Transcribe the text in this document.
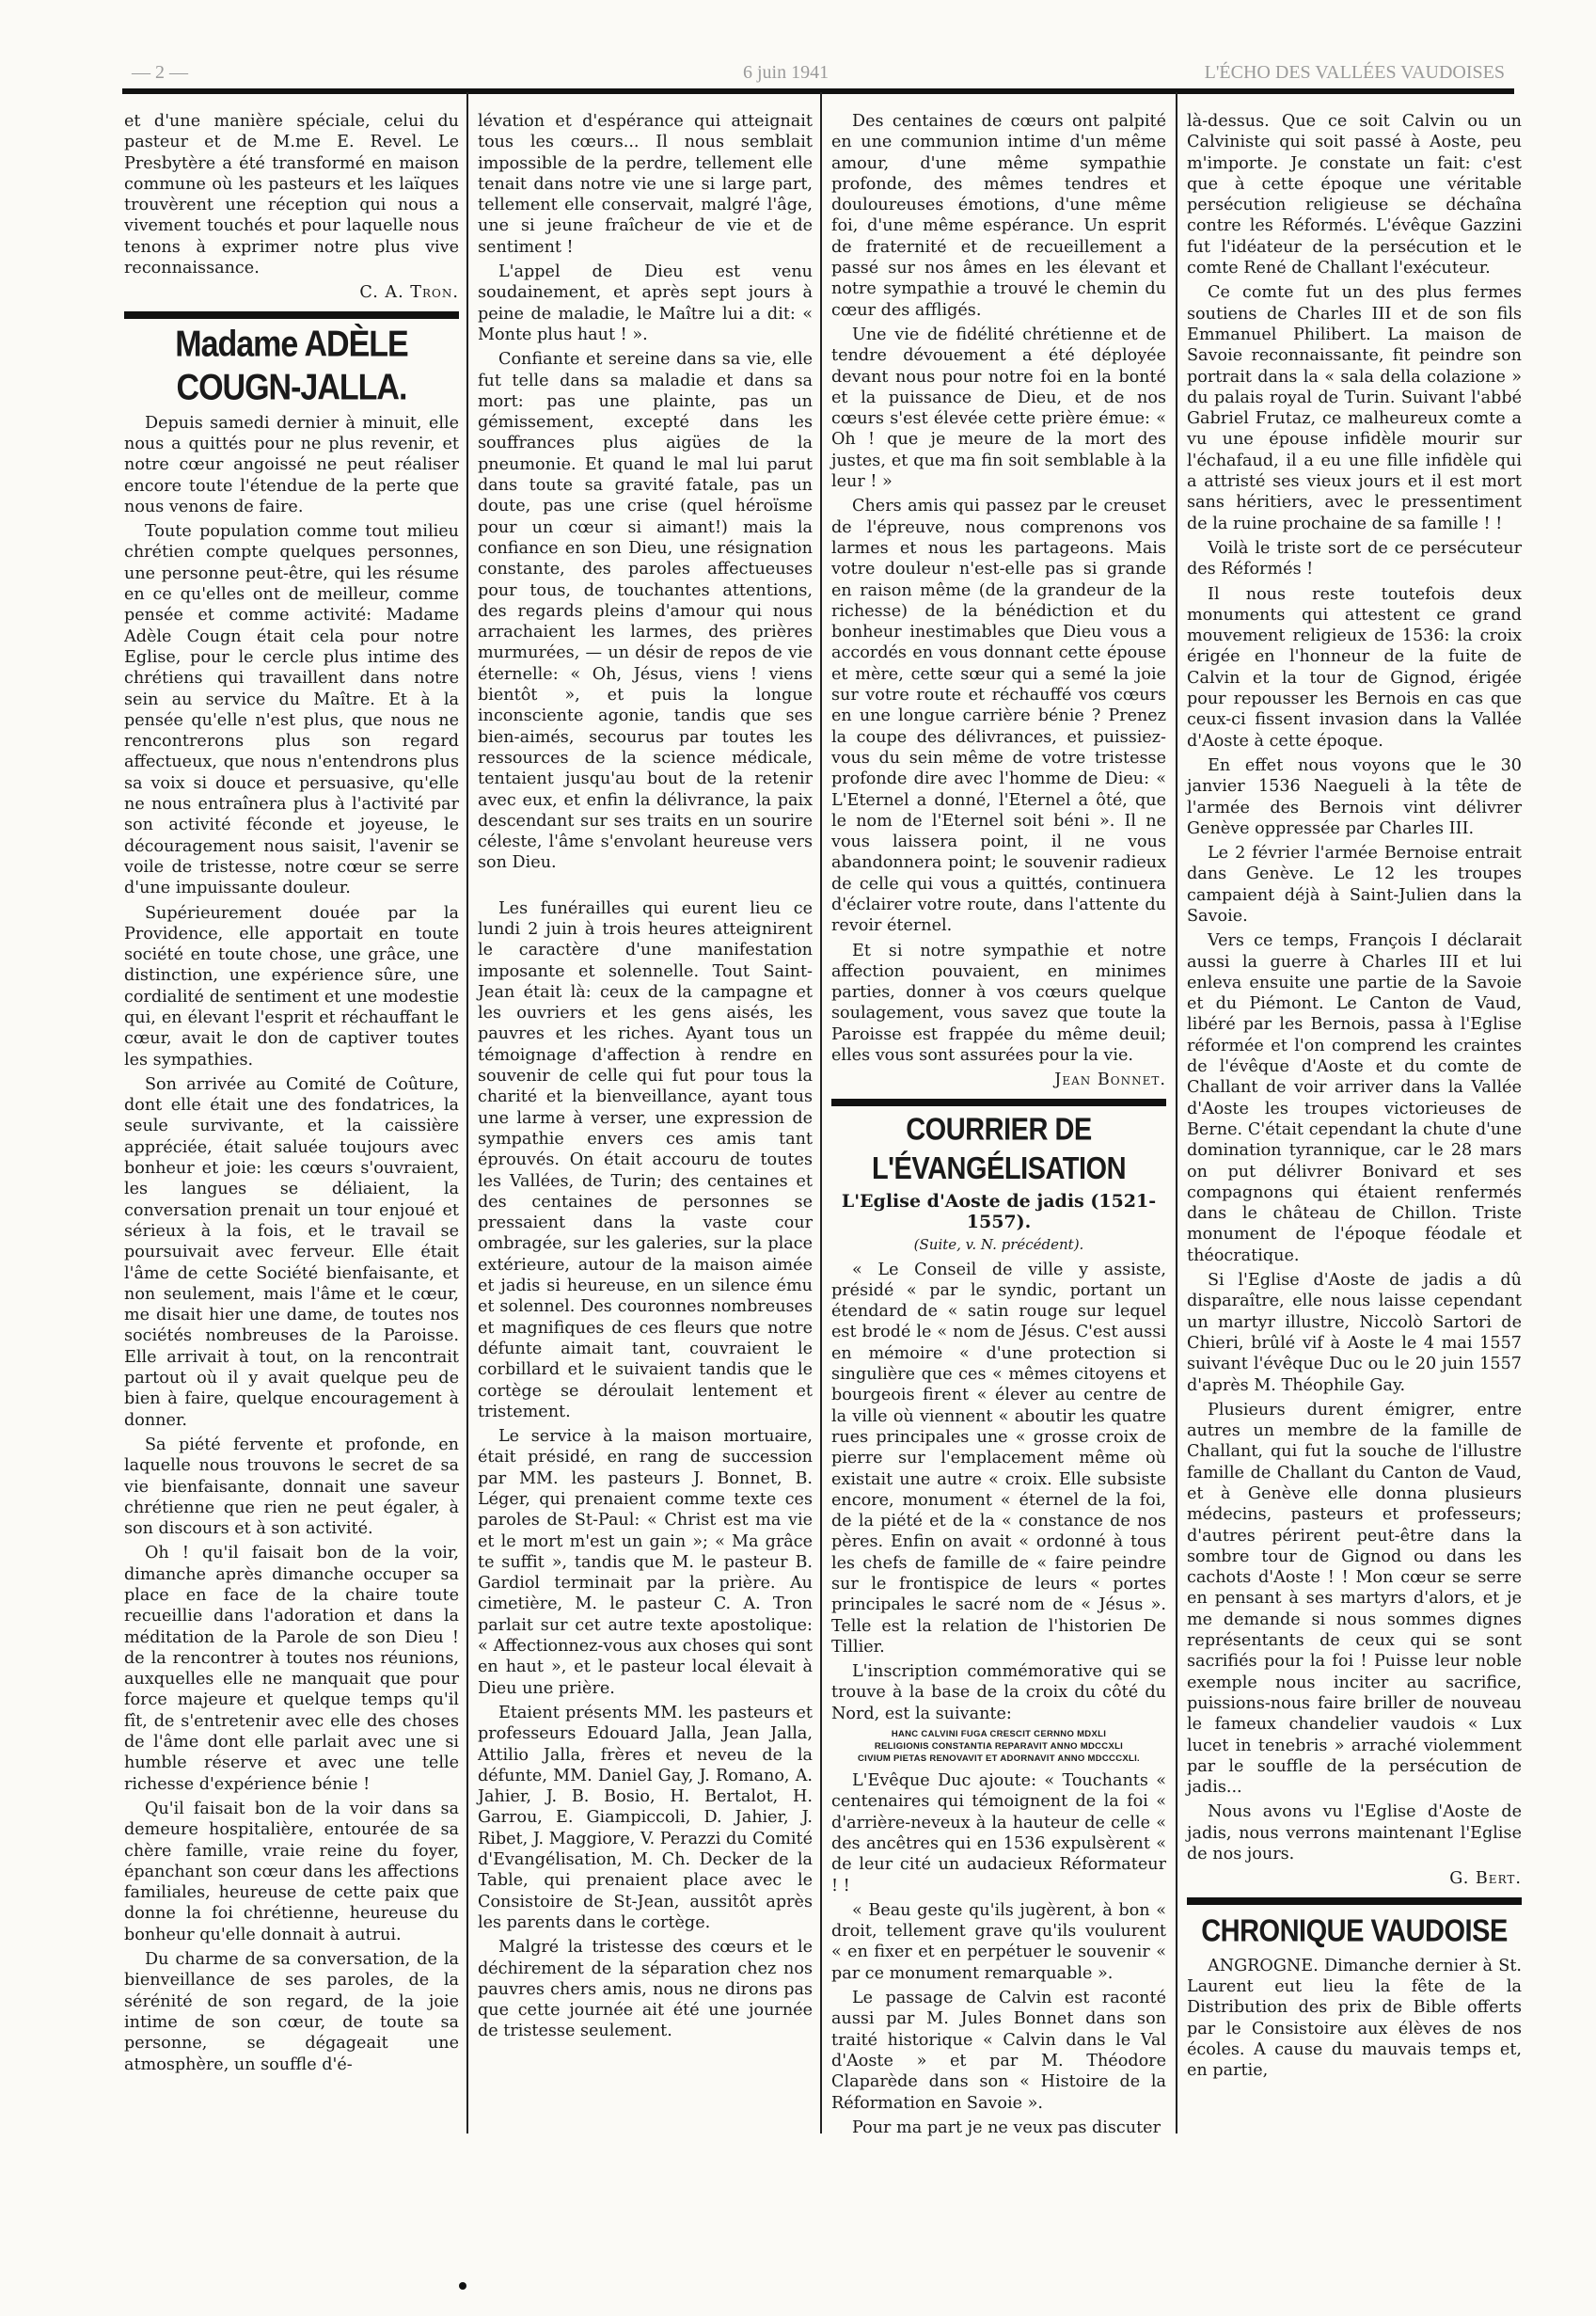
— 2 —	6 juin 1941	L'ÉCHO DES VALLÉES VAUDOISES

et d'une manière spéciale, celui du pasteur et de M.me E. Revel. Le Presbytère a été transformé en maison commune où les pasteurs et les laïques trouvèrent une réception qui nous a vivement touchés et pour laquelle nous tenons à exprimer notre plus vive reconnaissance.

C. A. Tron.
Madame ADÈLE COUGN-JALLA.

Depuis samedi dernier à minuit, elle nous a quittés pour ne plus revenir, et notre cœur angoissé ne peut réaliser encore toute l'étendue de la perte que nous venons de faire.

Toute population comme tout milieu chrétien compte quelques personnes, une personne peut-être, qui les résume en ce qu'elles ont de meilleur, comme pensée et comme activité: Madame Adèle Cougn était cela pour notre Eglise, pour le cercle plus intime des chrétiens qui travaillent dans notre sein au service du Maître. Et à la pensée qu'elle n'est plus, que nous ne rencontrerons plus son regard affectueux, que nous n'entendrons plus sa voix si douce et persuasive, qu'elle ne nous entraînera plus à l'activité par son activité féconde et joyeuse, le découragement nous saisit, l'avenir se voile de tristesse, notre cœur se serre d'une impuissante douleur.

Supérieurement douée par la Providence, elle apportait en toute société en toute chose, une grâce, une distinction, une expérience sûre, une cordialité de sentiment et une modestie qui, en élevant l'esprit et réchauffant le cœur, avait le don de captiver toutes les sympathies.

Son arrivée au Comité de Coûture, dont elle était une des fondatrices, la seule survivante, et la caissière appréciée, était saluée toujours avec bonheur et joie: les cœurs s'ouvraient, les langues se déliaient, la conversation prenait un tour enjoué et sérieux à la fois, et le travail se poursuivait avec ferveur. Elle était l'âme de cette Société bienfaisante, et non seulement, mais l'âme et le cœur, me disait hier une dame, de toutes nos sociétés nombreuses de la Paroisse. Elle arrivait à tout, on la rencontrait partout où il y avait quelque peu de bien à faire, quelque encouragement à donner.

Sa piété fervente et profonde, en laquelle nous trouvons le secret de sa vie bienfaisante, donnait une saveur chrétienne que rien ne peut égaler, à son discours et à son activité.

Oh ! qu'il faisait bon de la voir, dimanche après dimanche occuper sa place en face de la chaire toute recueillie dans l'adoration et dans la méditation de la Parole de son Dieu ! de la rencontrer à toutes nos réunions, auxquelles elle ne manquait que pour force majeure et quelque temps qu'il fît, de s'entretenir avec elle des choses de l'âme dont elle parlait avec une si humble réserve et avec une telle richesse d'expérience bénie !

Qu'il faisait bon de la voir dans sa demeure hospitalière, entourée de sa chère famille, vraie reine du foyer, épanchant son cœur dans les affections familiales, heureuse de cette paix que donne la foi chrétienne, heureuse du bonheur qu'elle donnait à autrui.

Du charme de sa conversation, de la bienveillance de ses paroles, de la sérénité de son regard, de la joie intime de son cœur, de toute sa personne, se dégageait une atmosphère, un souffle d'é-

lévation et d'espérance qui atteignait tous les cœurs... Il nous semblait impossible de la perdre, tellement elle tenait dans notre vie une si large part, tellement elle conservait, malgré l'âge, une si jeune fraîcheur de vie et de sentiment !

L'appel de Dieu est venu soudainement, et après sept jours à peine de maladie, le Maître lui a dit: « Monte plus haut ! ».

Confiante et sereine dans sa vie, elle fut telle dans sa maladie et dans sa mort: pas une plainte, pas un gémissement, excepté dans les souffrances plus aigües de la pneumonie. Et quand le mal lui parut dans toute sa gravité fatale, pas un doute, pas une crise (quel héroïsme pour un cœur si aimant!) mais la confiance en son Dieu, une résignation constante, des paroles affectueuses pour tous, de touchantes attentions, des regards pleins d'amour qui nous arrachaient les larmes, des prières murmurées, — un désir de repos de vie éternelle: « Oh, Jésus, viens ! viens bientôt », et puis la longue inconsciente agonie, tandis que ses bien-aimés, secourus par toutes les ressources de la science médicale, tentaient jusqu'au bout de la retenir avec eux, et enfin la délivrance, la paix descendant sur ses traits en un sourire céleste, l'âme s'envolant heureuse vers son Dieu.

Les funérailles qui eurent lieu ce lundi 2 juin à trois heures atteignirent le caractère d'une manifestation imposante et solennelle. Tout Saint-Jean était là: ceux de la campagne et les ouvriers et les gens aisés, les pauvres et les riches. Ayant tous un témoignage d'affection à rendre en souvenir de celle qui fut pour tous la charité et la bienveillance, ayant tous une larme à verser, une expression de sympathie envers ces amis tant éprouvés. On était accouru de toutes les Vallées, de Turin; des centaines et des centaines de personnes se pressaient dans la vaste cour ombragée, sur les galeries, sur la place extérieure, autour de la maison aimée et jadis si heureuse, en un silence ému et solennel. Des couronnes nombreuses et magnifiques de ces fleurs que notre défunte aimait tant, couvraient le corbillard et le suivaient tandis que le cortège se déroulait lentement et tristement.

Le service à la maison mortuaire, était présidé, en rang de succession par MM. les pasteurs J. Bonnet, B. Léger, qui prenaient comme texte ces paroles de St-Paul: « Christ est ma vie et le mort m'est un gain »; « Ma grâce te suffit », tandis que M. le pasteur B. Gardiol terminait par la prière. Au cimetière, M. le pasteur C. A. Tron parlait sur cet autre texte apostolique: « Affectionnez-vous aux choses qui sont en haut », et le pasteur local élevait à Dieu une prière.

Etaient présents MM. les pasteurs et professeurs Edouard Jalla, Jean Jalla, Attilio Jalla, frères et neveu de la défunte, MM. Daniel Gay, J. Romano, A. Jahier, J. B. Bosio, H. Bertalot, H. Garrou, E. Giampiccoli, D. Jahier, J. Ribet, J. Maggiore, V. Perazzi du Comité d'Evangélisation, M. Ch. Decker de la Table, qui prenaient place avec le Consistoire de St-Jean, aussitôt après les parents dans le cortège.

Malgré la tristesse des cœurs et le déchirement de la séparation chez nos pauvres chers amis, nous ne dirons pas que cette journée ait été une journée de tristesse seulement.

Des centaines de cœurs ont palpité en une communion intime d'un même amour, d'une même sympathie profonde, des mêmes tendres et douloureuses émotions, d'une même foi, d'une même espérance. Un esprit de fraternité et de recueillement a passé sur nos âmes en les élevant et notre sympathie a trouvé le chemin du cœur des affligés.

Une vie de fidélité chrétienne et de tendre dévouement a été déployée devant nous pour notre foi en la bonté et la puissance de Dieu, et de nos cœurs s'est élevée cette prière émue: « Oh ! que je meure de la mort des justes, et que ma fin soit semblable à la leur ! »

Chers amis qui passez par le creuset de l'épreuve, nous comprenons vos larmes et nous les partageons. Mais votre douleur n'est-elle pas si grande en raison même (de la grandeur de la richesse) de la bénédiction et du bonheur inestimables que Dieu vous a accordés en vous donnant cette épouse et mère, cette sœur qui a semé la joie sur votre route et réchauffé vos cœurs en une longue carrière bénie ? Prenez la coupe des délivrances, et puissiez-vous du sein même de votre tristesse profonde dire avec l'homme de Dieu: « L'Eternel a donné, l'Eternel a ôté, que le nom de l'Eternel soit béni ». Il ne vous laissera point, il ne vous abandonnera point; le souvenir radieux de celle qui vous a quittés, continuera d'éclairer votre route, dans l'attente du revoir éternel.

Et si notre sympathie et notre affection pouvaient, en minimes parties, donner à vos cœurs quelque soulagement, vous savez que toute la Paroisse est frappée du même deuil; elles vous sont assurées pour la vie.

Jean Bonnet.
COURRIER DE L'ÉVANGÉLISATION
L'Eglise d'Aoste de jadis (1521-1557).
(Suite, v. N. précédent).

« Le Conseil de ville y assiste, présidé « par le syndic, portant un étendard de « satin rouge sur lequel est brodé le « nom de Jésus. C'est aussi en mémoire « d'une protection si singulière que ces « mêmes citoyens et bourgeois firent « élever au centre de la ville où viennent « aboutir les quatre rues principales une « grosse croix de pierre sur l'emplacement même où existait une autre « croix. Elle subsiste encore, monument « éternel de la foi, de la piété et de la « constance de nos pères. Enfin on avait « ordonné à tous les chefs de famille de « faire peindre sur le frontispice de leurs « portes principales le sacré nom de « Jésus ». Telle est la relation de l'historien De Tillier.

L'inscription commémorative qui se trouve à la base de la croix du côté du Nord, est la suivante:

HANC CALVINI FUGA CRESCIT CERNNO MDXLI
RELIGIONIS CONSTANTIA REPARAVIT ANNO MDCCXLI
CIVIUM PIETAS RENOVAVIT ET ADORNAVIT ANNO MDCCCXLI.

L'Evêque Duc ajoute: « Touchants « centenaires qui témoignent de la foi « d'arrière-neveux à la hauteur de celle « des ancêtres qui en 1536 expulsèrent « de leur cité un audacieux Réformateur ! !

« Beau geste qu'ils jugèrent, à bon « droit, tellement grave qu'ils voulurent « en fixer et en perpétuer le souvenir « par ce monument remarquable ».

Le passage de Calvin est raconté aussi par M. Jules Bonnet dans son traité historique « Calvin dans le Val d'Aoste » et par M. Théodore Claparède dans son « Histoire de la Réformation en Savoie ».

Pour ma part je ne veux pas discuter

là-dessus. Que ce soit Calvin ou un Calviniste qui soit passé à Aoste, peu m'importe. Je constate un fait: c'est que à cette époque une véritable persécution religieuse se déchaîna contre les Réformés. L'évêque Gazzini fut l'idéateur de la persécution et le comte René de Challant l'exécuteur.

Ce comte fut un des plus fermes soutiens de Charles III et de son fils Emmanuel Philibert. La maison de Savoie reconnaissante, fit peindre son portrait dans la « sala della colazione » du palais royal de Turin. Suivant l'abbé Gabriel Frutaz, ce malheureux comte a vu une épouse infidèle mourir sur l'échafaud, il a eu une fille infidèle qui a attristé ses vieux jours et il est mort sans héritiers, avec le pressentiment de la ruine prochaine de sa famille ! !

Voilà le triste sort de ce persécuteur des Réformés !

Il nous reste toutefois deux monuments qui attestent ce grand mouvement religieux de 1536: la croix érigée en l'honneur de la fuite de Calvin et la tour de Gignod, érigée pour repousser les Bernois en cas que ceux-ci fissent invasion dans la Vallée d'Aoste à cette époque.

En effet nous voyons que le 30 janvier 1536 Naegueli à la tête de l'armée des Bernois vint délivrer Genève oppressée par Charles III.

Le 2 février l'armée Bernoise entrait dans Genève. Le 12 les troupes campaient déjà à Saint-Julien dans la Savoie.

Vers ce temps, François I déclarait aussi la guerre à Charles III et lui enleva ensuite une partie de la Savoie et du Piémont. Le Canton de Vaud, libéré par les Bernois, passa à l'Eglise réformée et l'on comprend les craintes de l'évêque d'Aoste et du comte de Challant de voir arriver dans la Vallée d'Aoste les troupes victorieuses de Berne. C'était cependant la chute d'une domination tyrannique, car le 28 mars on put délivrer Bonivard et ses compagnons qui étaient renfermés dans le château de Chillon. Triste monument de l'époque féodale et théocratique.

Si l'Eglise d'Aoste de jadis a dû disparaître, elle nous laisse cependant un martyr illustre, Niccolò Sartori de Chieri, brûlé vif à Aoste le 4 mai 1557 suivant l'évêque Duc ou le 20 juin 1557 d'après M. Théophile Gay.

Plusieurs durent émigrer, entre autres un membre de la famille de Challant, qui fut la souche de l'illustre famille de Challant du Canton de Vaud, et à Genève elle donna plusieurs médecins, pasteurs et professeurs; d'autres périrent peut-être dans la sombre tour de Gignod ou dans les cachots d'Aoste ! ! Mon cœur se serre en pensant à ses martyrs d'alors, et je me demande si nous sommes dignes représentants de ceux qui se sont sacrifiés pour la foi ! Puisse leur noble exemple nous inciter au sacrifice, puissions-nous faire briller de nouveau le fameux chandelier vaudois « Lux lucet in tenebris » arraché violemment par le souffle de la persécution de jadis...

Nous avons vu l'Eglise d'Aoste de jadis, nous verrons maintenant l'Eglise de nos jours.

G. Bert.
CHRONIQUE VAUDOISE

ANGROGNE. Dimanche dernier à St. Laurent eut lieu la fête de la Distribution des prix de Bible offerts par le Consistoire aux élèves de nos écoles. A cause du mauvais temps et, en partie,
